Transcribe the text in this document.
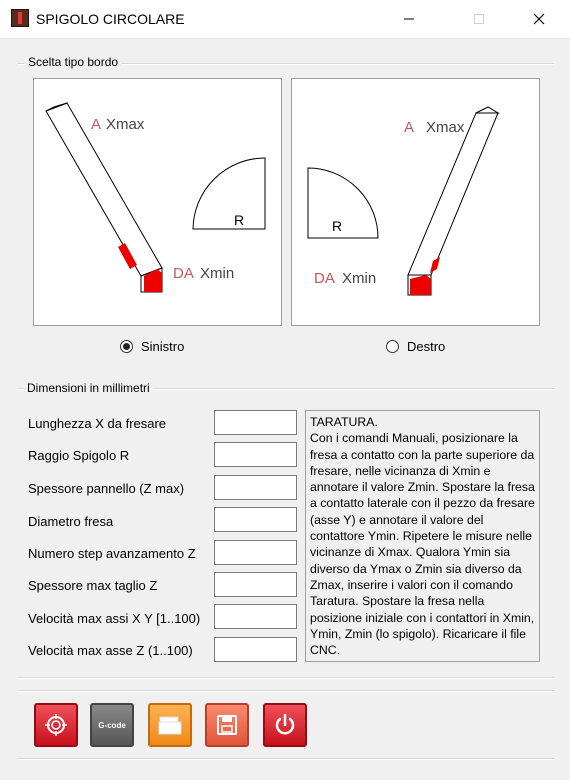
SPIGOLO CIRCOLARE
Scelta tipo bordo
A Xmax
DA Xmin
R
A Xmax
DA Xmin
R
Sinistro	Destro
Dimensioni in millimetri
Lunghezza X da fresare
Raggio Spigolo R
Spessore pannello (Z max)
Diametro fresa
Numero step avanzamento Z
Spessore max taglio Z
Velocità max assi X Y [1..100)
Velocità max asse Z (1..100)
TARATURA.
Con i comandi Manuali, posizionare la fresa a contatto con la parte superiore da fresare, nelle vicinanza di Xmin e annotare il valore Zmin. Spostare la fresa a contatto laterale con il pezzo da fresare (asse Y) e annotare il valore del contattore Ymin. Ripetere le misure nelle vicinanze di Xmax. Qualora Ymin sia diverso da Ymax o Zmin sia diverso da Zmax, inserire i valori con il comando Taratura. Spostare la fresa nella posizione iniziale con i contattori in Xmin, Ymin, Zmin (lo spigolo). Ricaricare il file CNC.
G-code
